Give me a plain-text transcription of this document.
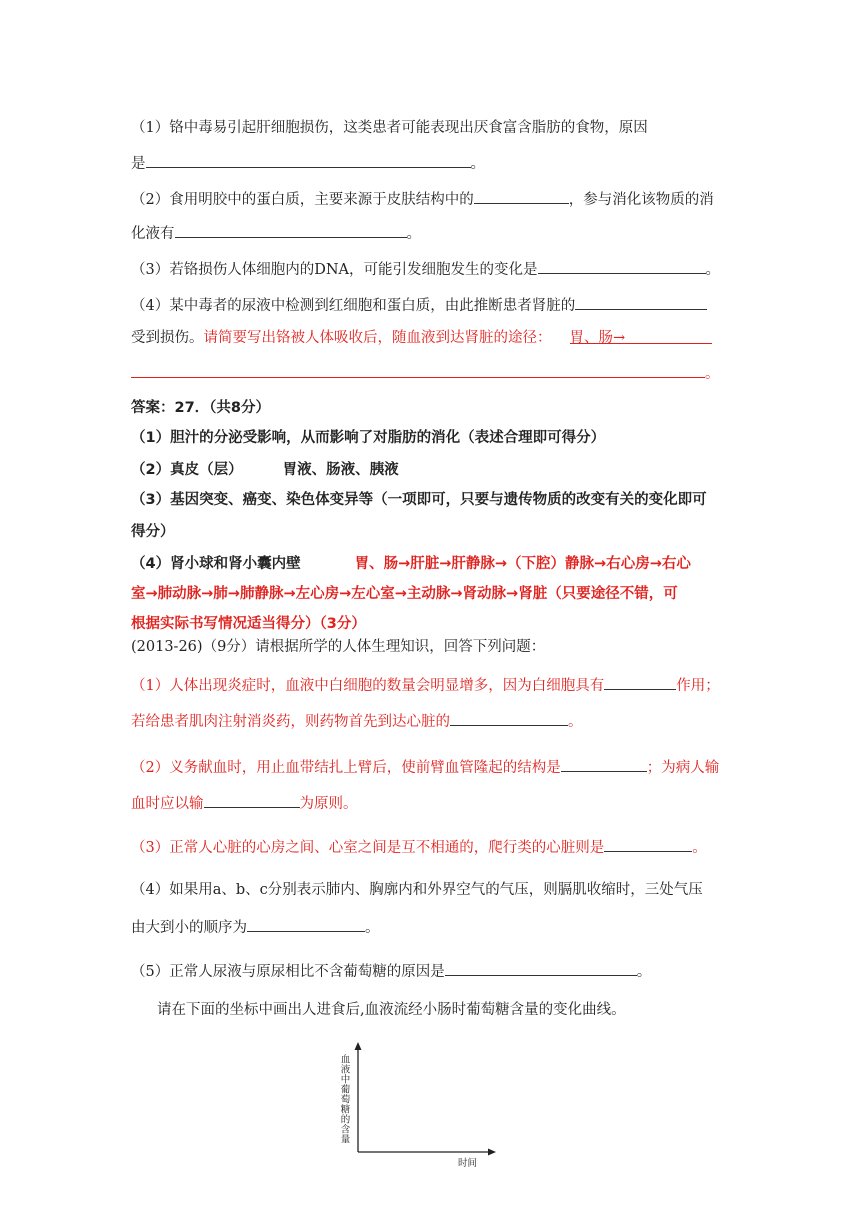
（1）铬中毒易引起肝细胞损伤，这类患者可能表现出厌食富含脂肪的食物，原因
是	。
（2）食用明胶中的蛋白质，主要来源于皮肤结构中的	，参与消化该物质的消
化液有	。
（3）若铬损伤人体细胞内的DNA，可能引发细胞发生的变化是	。
（4）某中毒者的尿液中检测到红细胞和蛋白质，由此推断患者肾脏的
受到损伤。请简要写出铬被人体吸收后，随血液到达肾脏的途径： 胃、肠→
。
答案：27．（共8分）
（1）胆汁的分泌受影响，从而影响了对脂肪的消化（表述合理即可得分）
（2）真皮（层）	胃液、肠液、胰液
（3）基因突变、癌变、染色体变异等（一项即可，只要与遗传物质的改变有关的变化即可
得分）
（4）肾小球和肾小囊内壁	胃、肠→肝脏→肝静脉→（下腔）静脉→右心房→右心
室→肺动脉→肺→肺静脉→左心房→左心室→主动脉→肾动脉→肾脏（只要途径不错，可
根据实际书写情况适当得分）（3分）
(2013-26)（9分）请根据所学的人体生理知识，回答下列问题：
（1）人体出现炎症时，血液中白细胞的数量会明显增多，因为白细胞具有	作用；
若给患者肌肉注射消炎药，则药物首先到达心脏的	。
（2）义务献血时，用止血带结扎上臂后，使前臂血管隆起的结构是	；为病人输
血时应以输	为原则。
（3）正常人心脏的心房之间、心室之间是互不相通的，爬行类的心脏则是	。
（4）如果用a、b、c分别表示肺内、胸廓内和外界空气的气压，则膈肌收缩时，三处气压
由大到小的顺序为	。
（5）正常人尿液与原尿相比不含葡萄糖的原因是	。
请在下面的坐标中画出人进食后,血液流经小肠时葡萄糖含量的变化曲线。
血液中葡萄糖的含量
时间
